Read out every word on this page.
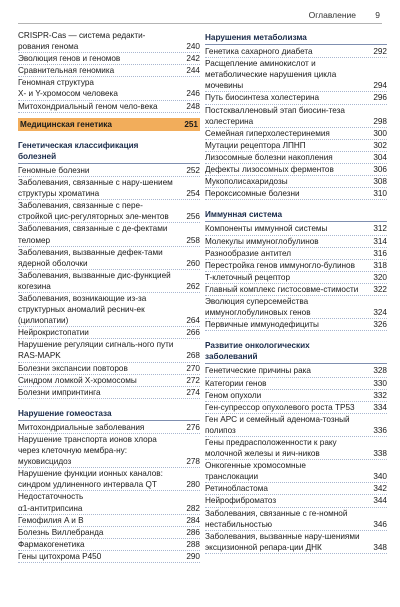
Оглавление 9
CRISPR-Cas — система редакти-рования генома	240
Эволюция генов и геномов	242
Сравнительная геномика	244
Геномная структура
X- и Y-хромосом человека	246
Митохондриальный геном чело-века	248
Медицинская генетика	251
Генетическая классификация болезней
Геномные болезни	252
Заболевания, связанные с нару-шением структуры хроматина	254
Заболевания, связанные с пере-стройкой цис-регуляторных эле-ментов	256
Заболевания, связанные с де-фектами теломер	258
Заболевания, вызванные дефек-тами ядерной оболочки	260
Заболевания, вызванные дис-функцией когезина	262
Заболевания, возникающие из-за структурных аномалий реснич-ек (цилиопатии)	264
Нейрокристопатии	266
Нарушение регуляции сигналь-ного пути RAS-MAPK	268
Болезни экспансии повторов	270
Синдром ломкой X-хромосомы	272
Болезни импринтинга	274
Нарушение гомеостаза
Митохондриальные заболевания	276
Нарушение транспорта ионов хлора через клеточную мембра-ну: муковисцидоз	278
Нарушение функции ионных каналов: синдром удлиненного интервала QT	280
Недостаточность
α1-антитрипсина	282
Гемофилия A и B	284
Болезнь Виллебранда	286
Фармакогенетика	288
Гены цитохрома P450	290
Нарушения метаболизма
Генетика сахарного диабета	292
Расщепление аминокислот и метаболические нарушения цикла мочевины	294
Путь биосинтеза холестерина	296
Постсквалленовый этап биосин-теза холестерина	298
Семейная гиперхолестеринемия	300
Мутации рецептора ЛПНП	302
Лизосомные болезни накопления	304
Дефекты лизосомных ферментов	306
Мукополисахаридозы	308
Пероксисомные болезни	310
Иммунная система
Компоненты иммунной системы	312
Молекулы иммуноглобулинов	314
Разнообразие антител	316
Перестройка генов иммуногло-булинов	318
T-клеточный рецептор	320
Главный комплекс гистосовме-стимости	322
Эволюция суперсемейства иммуноглобулиновых генов	324
Первичные иммунодефициты	326
Развитие онкологических заболеваний
Генетические причины рака	328
Категории генов	330
Геном опухоли	332
Ген-супрессор опухолевого роста TP53	334
Ген APC и семейный аденома-тозный полипоз	336
Гены предрасположенности к раку молочной железы и яич-ников	338
Онкогенные хромосомные транслокации	340
Ретинобластома	342
Нейрофиброматоз	344
Заболевания, связанные с ге-номной нестабильностью	346
Заболевания, вызванные нару-шениями эксцизионной репара-ции ДНК	348
